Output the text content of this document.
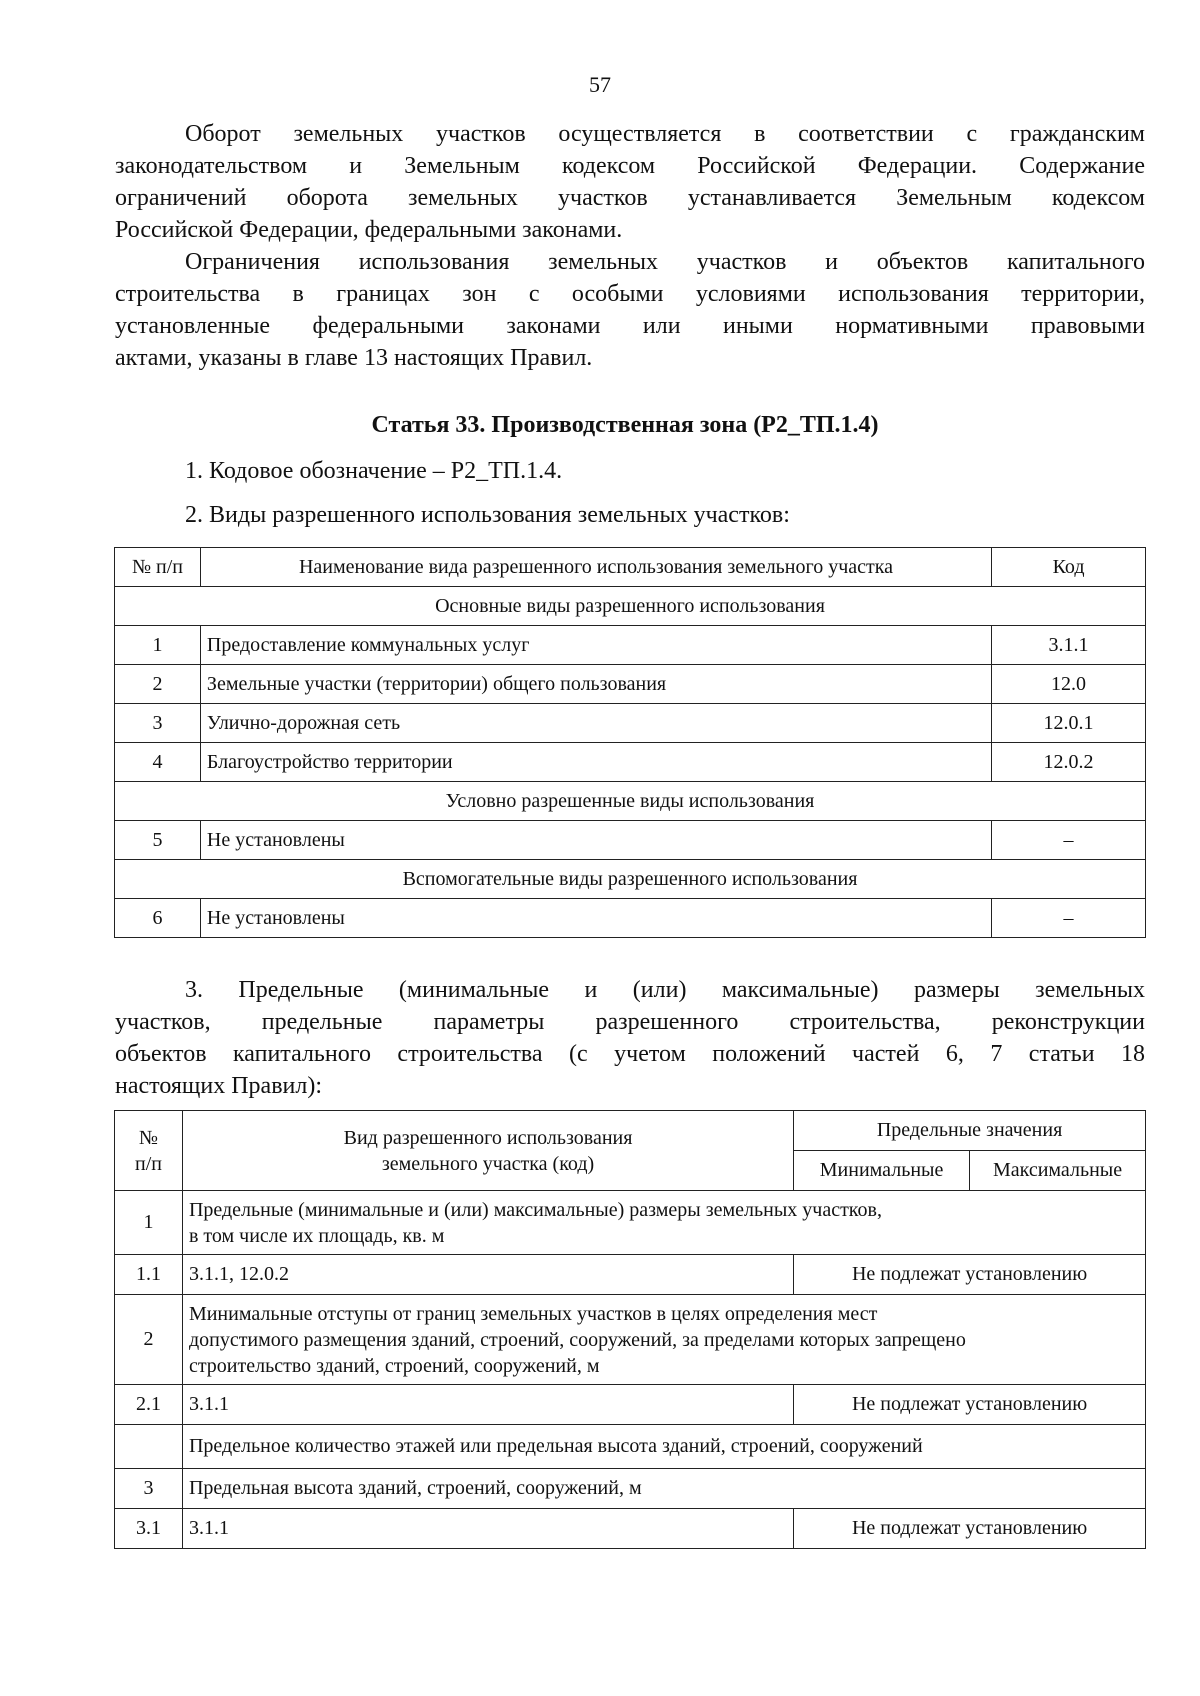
57

Оборот земельных участков осуществляется в соответствии с гражданским
законодательством и Земельным кодексом Российской Федерации. Содержание
ограничений оборота земельных участков устанавливается Земельным кодексом
Российской Федерации, федеральными законами.

Ограничения использования земельных участков и объектов капитального
строительства в границах зон с особыми условиями использования территории,
установленные федеральными законами или иными нормативными правовыми
актами, указаны в главе 13 настоящих Правил.

Статья 33. Производственная зона (Р2_ТП.1.4)
1. Кодовое обозначение – Р2_ТП.1.4.
2. Виды разрешенного использования земельных участков:
№ п/п	Наименование вида разрешенного использования земельного участка	Код
Основные виды разрешенного использования		
1	Предоставление коммунальных услуг	3.1.1
2	Земельные участки (территории) общего пользования	12.0
3	Улично-дорожная сеть	12.0.1
4	Благоустройство территории	12.0.2
Условно разрешенные виды использования		
5	Не установлены	–
Вспомогательные виды разрешенного использования		
6	Не установлены	–

3. Предельные (минимальные и (или) максимальные) размеры земельных
участков, предельные параметры разрешенного строительства, реконструкции
объектов капитального строительства (с учетом положений частей 6, 7 статьи 18
настоящих Правил):

№
п/п	Вид разрешенного использования
земельного участка (код)	Предельные значения	
		Минимальные	Максимальные
1	Предельные (минимальные и (или) максимальные) размеры земельных участков,
в том числе их площадь, кв. м		
1.1	3.1.1, 12.0.2	Не подлежат установлению	
2	Минимальные отступы от границ земельных участков в целях определения мест
допустимого размещения зданий, строений, сооружений, за пределами которых запрещено
строительство зданий, строений, сооружений, м		
2.1	3.1.1	Не подлежат установлению	
	Предельное количество этажей или предельная высота зданий, строений, сооружений		
3	Предельная высота зданий, строений, сооружений, м		
3.1	3.1.1	Не подлежат установлению	
